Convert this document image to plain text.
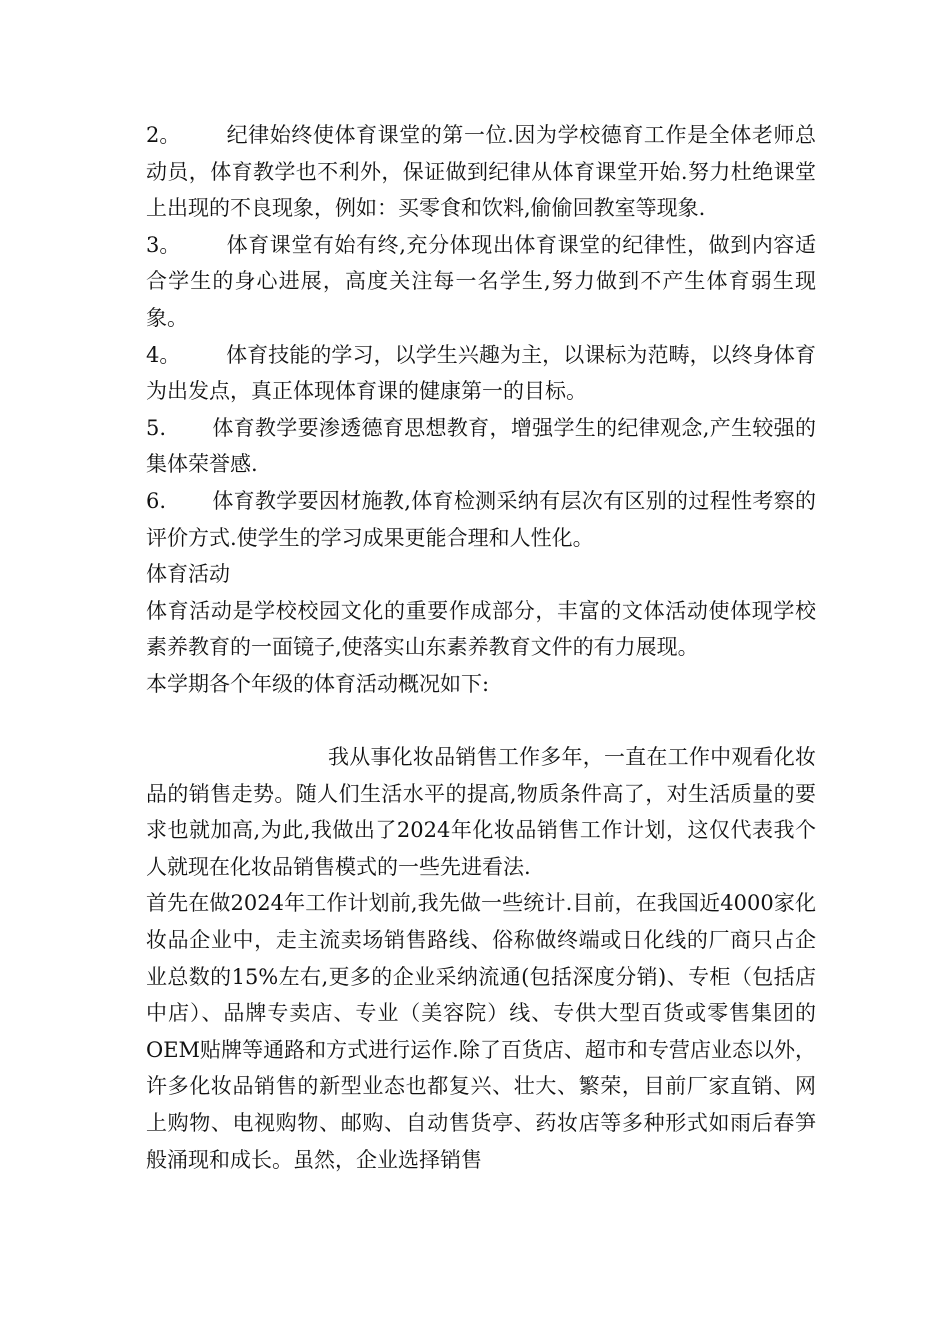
2。 纪律始终使体育课堂的第一位.因为学校德育工作是全体老师总动员，体育教学也不利外，保证做到纪律从体育课堂开始.努力杜绝课堂上出现的不良现象，例如：买零食和饮料,偷偷回教室等现象.

3。 体育课堂有始有终,充分体现出体育课堂的纪律性，做到内容适合学生的身心进展，高度关注每一名学生,努力做到不产生体育弱生现象。

4。 体育技能的学习，以学生兴趣为主，以课标为范畴，以终身体育为出发点，真正体现体育课的健康第一的目标。

5. 体育教学要渗透德育思想教育，增强学生的纪律观念,产生较强的集体荣誉感.

6. 体育教学要因材施教,体育检测采纳有层次有区别的过程性考察的评价方式.使学生的学习成果更能合理和人性化。

体育活动

体育活动是学校校园文化的重要作成部分，丰富的文体活动使体现学校素养教育的一面镜子,使落实山东素养教育文件的有力展现。

本学期各个年级的体育活动概况如下:

我从事化妆品销售工作多年，一直在工作中观看化妆品的销售走势。随人们生活水平的提高,物质条件高了，对生活质量的要求也就加高,为此,我做出了2024年化妆品销售工作计划，这仅代表我个人就现在化妆品销售模式的一些先进看法.

首先在做2024年工作计划前,我先做一些统计.目前，在我国近4000家化妆品企业中，走主流卖场销售路线、俗称做终端或日化线的厂商只占企业总数的15%左右,更多的企业采纳流通(包括深度分销)、专柜（包括店中店）、品牌专卖店、专业（美容院）线、专供大型百货或零售集团的OEM贴牌等通路和方式进行运作.除了百货店、超市和专营店业态以外，许多化妆品销售的新型业态也都复兴、壮大、繁荣，目前厂家直销、网上购物、电视购物、邮购、自动售货亭、药妆店等多种形式如雨后春笋般涌现和成长。虽然，企业选择销售
